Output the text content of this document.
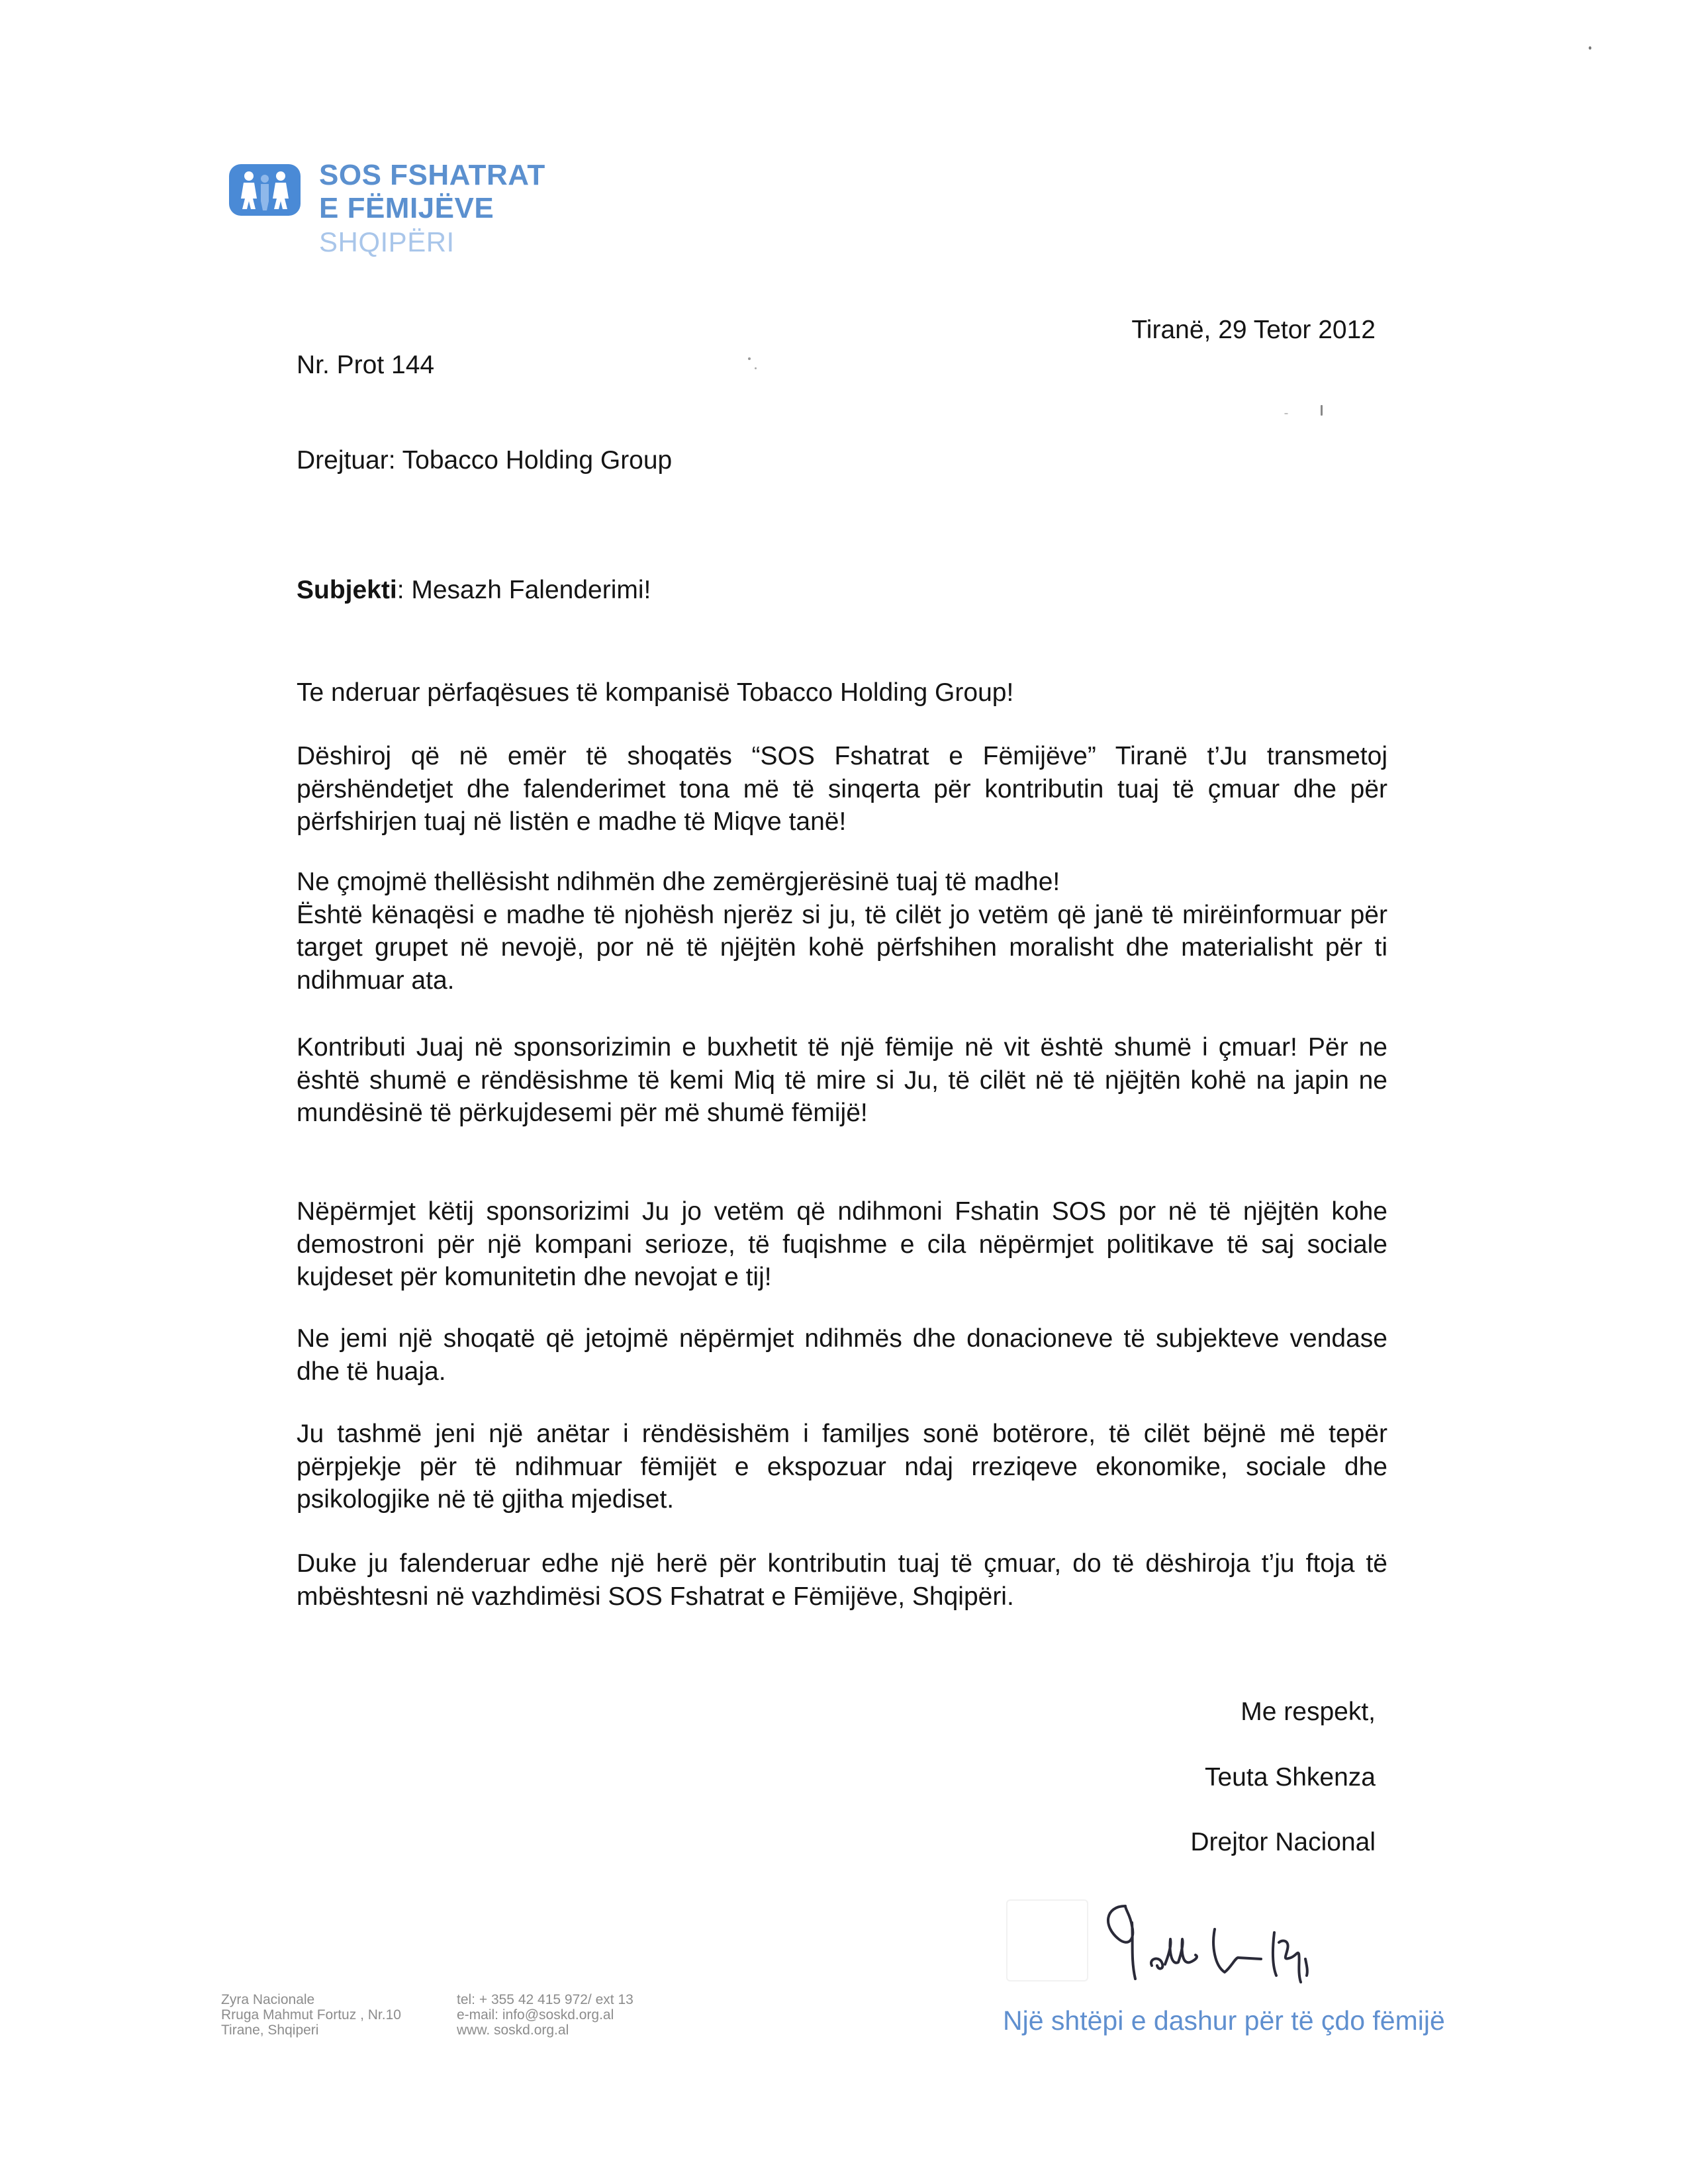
SOS FSHATRAT
E FËMIJËVE
SHQIPËRI
Tiranë, 29 Tetor 2012
Nr. Prot 144
Drejtuar: Tobacco Holding Group
Subjekti: Mesazh Falenderimi!
Te nderuar përfaqësues të kompanisë Tobacco Holding Group!
Dëshiroj që në emër të shoqatës “SOS Fshatrat e Fëmijëve” Tiranë t’Ju transmetoj përshëndetjet dhe falenderimet tona më të sinqerta për kontributin tuaj të çmuar dhe për përfshirjen tuaj në listën e madhe të Miqve tanë!
Ne çmojmë thellësisht ndihmën dhe zemërgjerësinë tuaj të madhe!
Është kënaqësi e madhe të njohësh njerëz si ju, të cilët jo vetëm që janë të mirëinformuar për target grupet në nevojë, por në të njëjtën kohë përfshihen moralisht dhe materialisht për ti ndihmuar ata.
Kontributi Juaj në sponsorizimin e buxhetit të një fëmije në vit është shumë i çmuar! Për ne është shumë e rëndësishme të kemi Miq të mire si Ju, të cilët në të njëjtën kohë na japin ne mundësinë të përkujdesemi për më shumë fëmijë!
Nëpërmjet këtij sponsorizimi Ju jo vetëm që ndihmoni Fshatin SOS por në të njëjtën kohe demostroni për një kompani serioze, të fuqishme e cila nëpërmjet politikave të saj sociale kujdeset për komunitetin dhe nevojat e tij!
Ne jemi një shoqatë që jetojmë nëpërmjet ndihmës dhe donacioneve të subjekteve vendase dhe të huaja.
Ju tashmë jeni një anëtar i rëndësishëm i familjes sonë botërore, të cilët bëjnë më tepër përpjekje për të ndihmuar fëmijët e ekspozuar ndaj rreziqeve ekonomike, sociale dhe psikologjike në të gjitha mjediset.
Duke ju falenderuar edhe një herë për kontributin tuaj të çmuar, do të dëshiroja t’ju ftoja të mbështesni në vazhdimësi SOS Fshatrat e Fëmijëve, Shqipëri.
Me respekt,
Teuta Shkenza
Drejtor Nacional
Zyra Nacionale
Rruga Mahmut Fortuz , Nr.10
Tirane, Shqiperi
tel: + 355 42 415 972/ ext 13
e-mail: info@soskd.org.al
www. soskd.org.al	Një shtëpi e dashur për të çdo fëmijë
